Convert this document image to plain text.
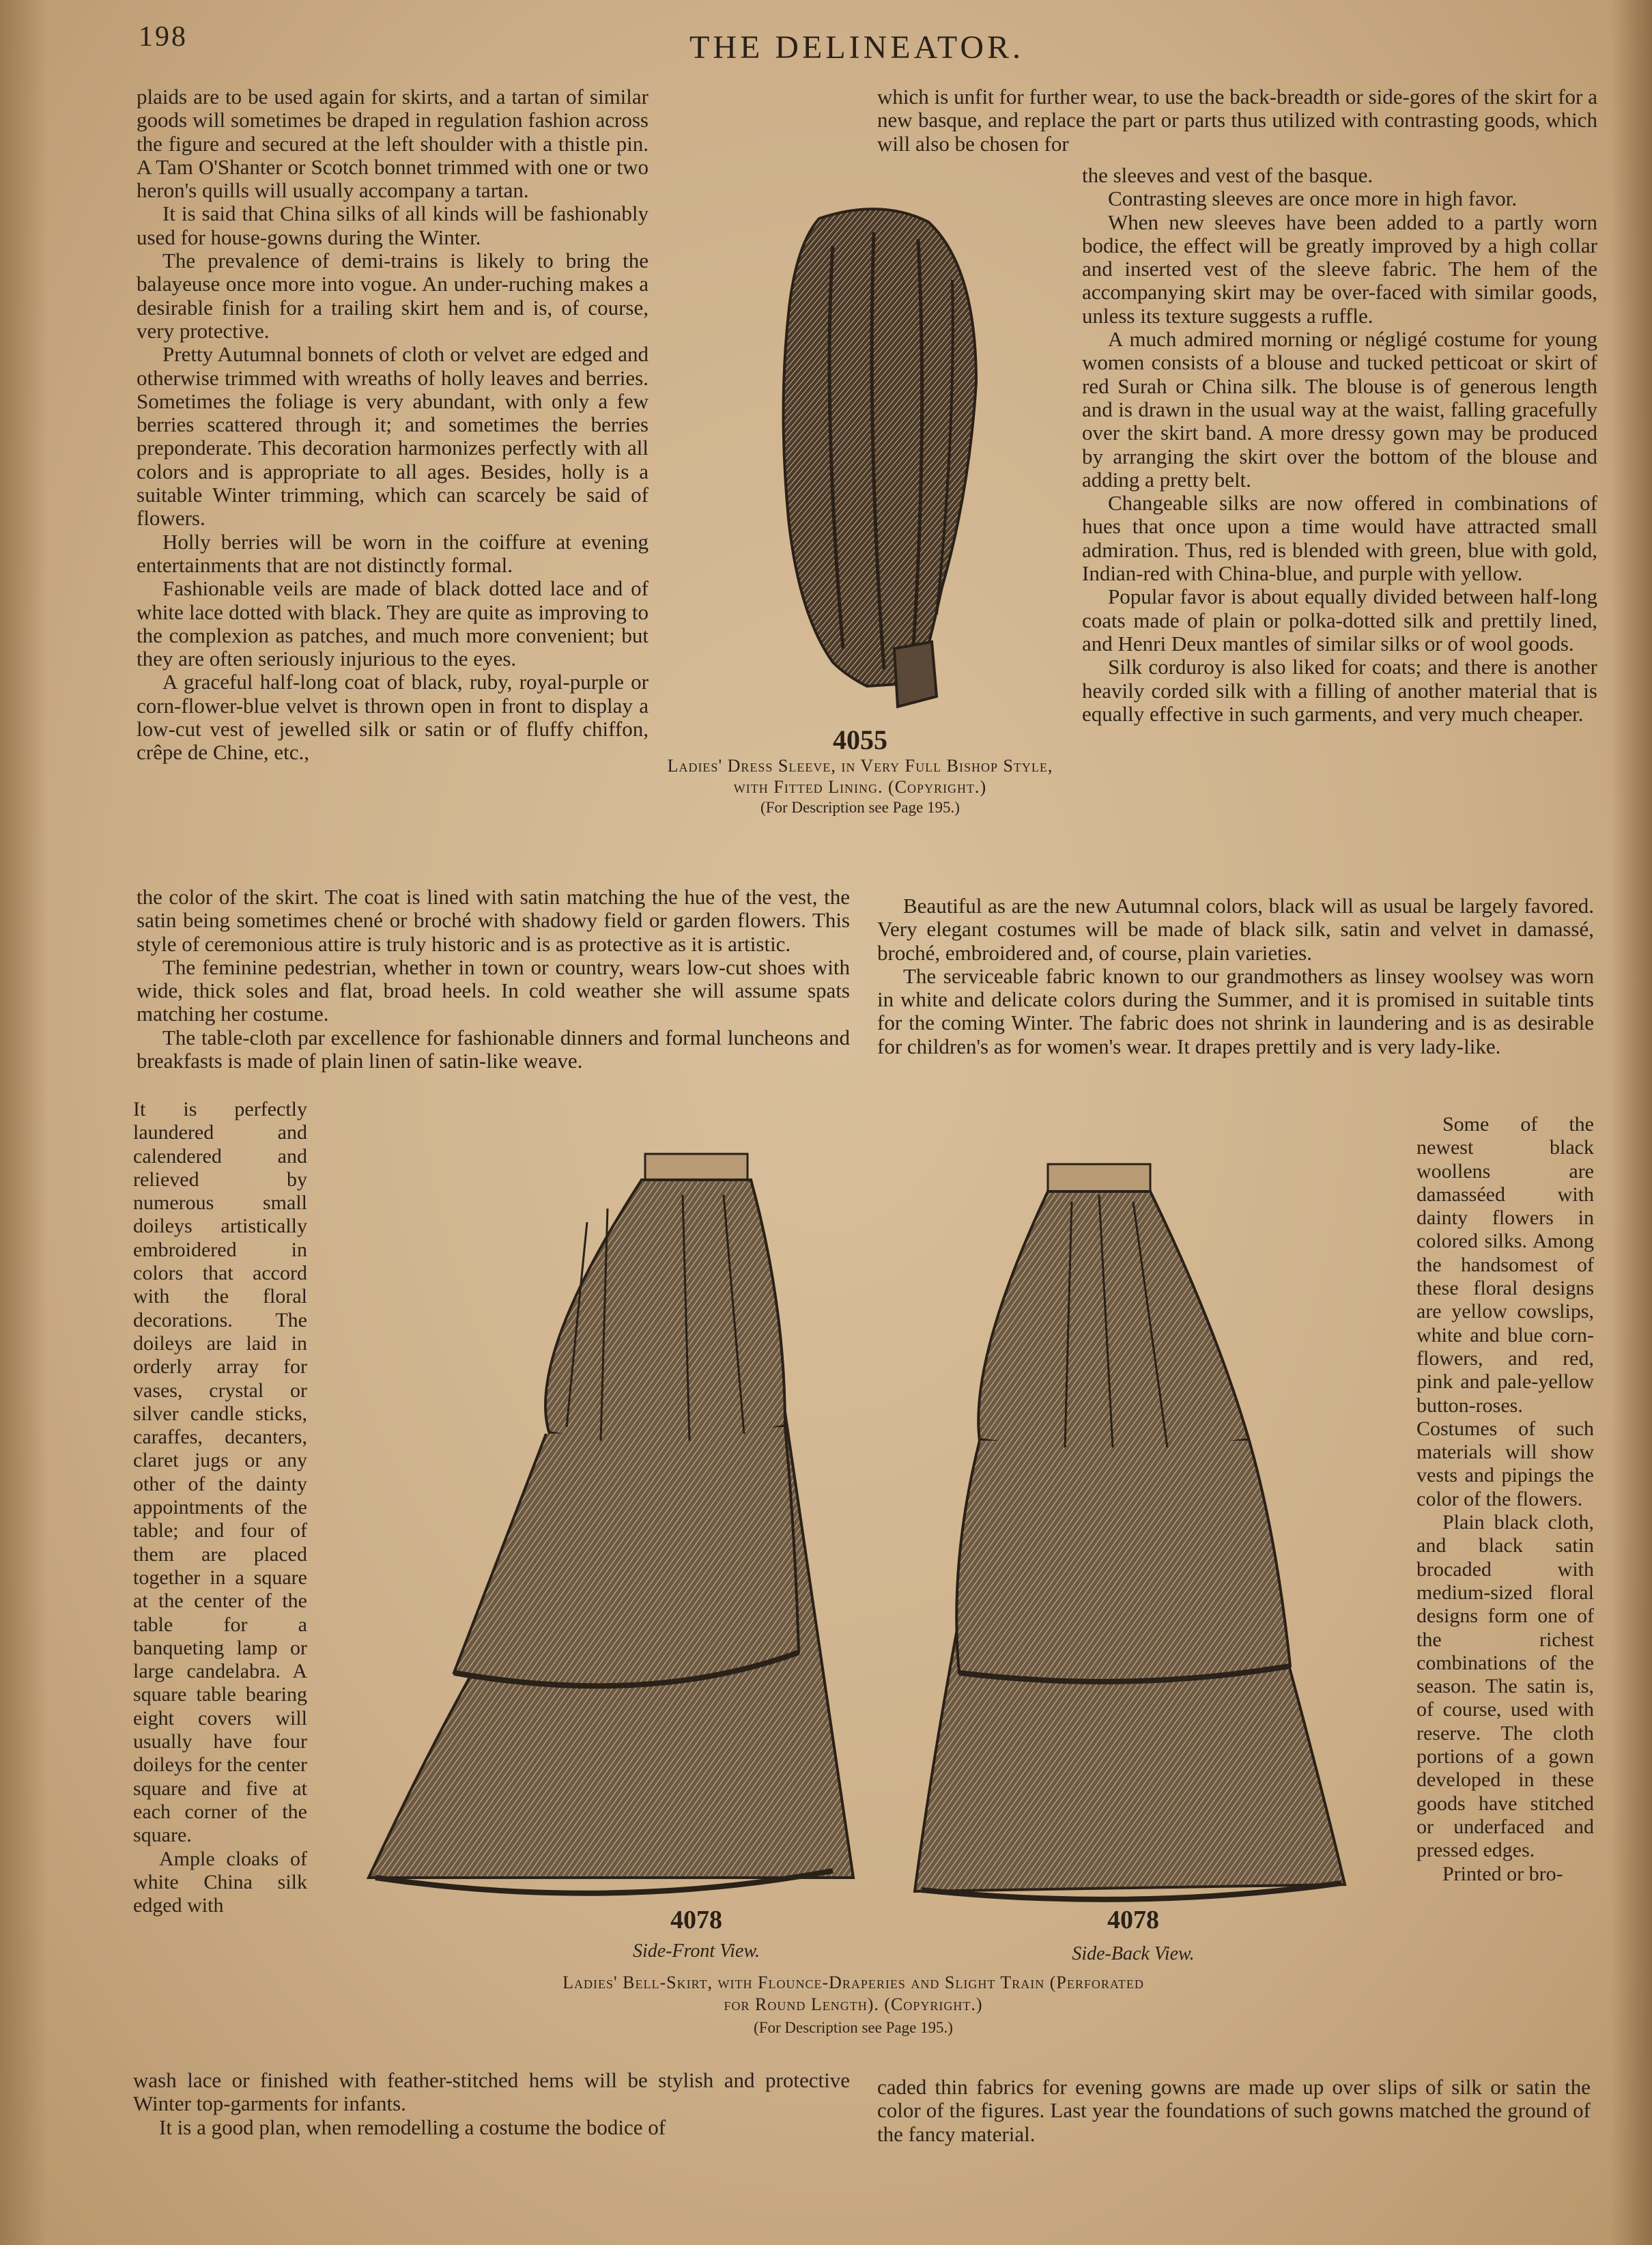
198	THE DELINEATOR.

plaids are to be used again for skirts, and a tartan of similar goods will sometimes be draped in regulation fashion across the figure and secured at the left shoulder with a thistle pin. A Tam O'Shanter or Scotch bonnet trimmed with one or two heron's quills will usually accompany a tartan.

It is said that China silks of all kinds will be fashionably used for house-gowns during the Winter.

The prevalence of demi-trains is likely to bring the balayeuse once more into vogue. An under-ruching makes a desirable finish for a trailing skirt hem and is, of course, very protective.

Pretty Autumnal bonnets of cloth or velvet are edged and otherwise trimmed with wreaths of holly leaves and berries. Sometimes the foliage is very abundant, with only a few berries scattered through it; and sometimes the berries preponderate. This decoration harmonizes perfectly with all colors and is appropriate to all ages. Besides, holly is a suitable Winter trimming, which can scarcely be said of flowers.

Holly berries will be worn in the coiffure at evening entertainments that are not distinctly formal.

Fashionable veils are made of black dotted lace and of white lace dotted with black. They are quite as improving to the complexion as patches, and much more convenient; but they are often seriously injurious to the eyes.

A graceful half-long coat of black, ruby, royal-purple or corn-flower-blue velvet is thrown open in front to display a low-cut vest of jewelled silk or satin or of fluffy chiffon, crêpe de Chine, etc.,

which is unfit for further wear, to use the back-breadth or side-gores of the skirt for a new basque, and replace the part or parts thus utilized with contrasting goods, which will also be chosen for

the sleeves and vest of the basque.

Contrasting sleeves are once more in high favor.

When new sleeves have been added to a partly worn bodice, the effect will be greatly improved by a high collar and inserted vest of the sleeve fabric. The hem of the accompanying skirt may be over-faced with similar goods, unless its texture suggests a ruffle.

A much admired morning or négligé costume for young women consists of a blouse and tucked petticoat or skirt of red Surah or China silk. The blouse is of generous length and is drawn in the usual way at the waist, falling gracefully over the skirt band. A more dressy gown may be produced by arranging the skirt over the bottom of the blouse and adding a pretty belt.

Changeable silks are now offered in combinations of hues that once upon a time would have attracted small admiration. Thus, red is blended with green, blue with gold, Indian-red with China-blue, and purple with yellow.

Popular favor is about equally divided between half-long coats made of plain or polka-dotted silk and prettily lined, and Henri Deux mantles of similar silks or of wool goods.

Silk corduroy is also liked for coats; and there is another heavily corded silk with a filling of another material that is equally effective in such garments, and very much cheaper.

4055
Ladies' Dress Sleeve, in Very Full Bishop Style, with Fitted Lining. (Copyright.)
(For Description see Page 195.)

the color of the skirt. The coat is lined with satin matching the hue of the vest, the satin being sometimes chené or broché with shadowy field or garden flowers. This style of ceremonious attire is truly historic and is as protective as it is artistic.

The feminine pedestrian, whether in town or country, wears low-cut shoes with wide, thick soles and flat, broad heels. In cold weather she will assume spats matching her costume.

The table-cloth par excellence for fashionable dinners and formal luncheons and breakfasts is made of plain linen of satin-like weave.

Beautiful as are the new Autumnal colors, black will as usual be largely favored. Very elegant costumes will be made of black silk, satin and velvet in damassé, broché, embroidered and, of course, plain varieties.

The serviceable fabric known to our grandmothers as linsey woolsey was worn in white and delicate colors during the Summer, and it is promised in suitable tints for the coming Winter. The fabric does not shrink in laundering and is as desirable for children's as for women's wear. It drapes prettily and is very lady-like.

It is perfectly laundered and calendered and relieved by numerous small doileys artistically embroidered in colors that accord with the floral decorations. The doileys are laid in orderly array for vases, crystal or silver candle sticks, caraffes, decanters, claret jugs or any other of the dainty appointments of the table; and four of them are placed together in a square at the center of the table for a banqueting lamp or large candelabra. A square table bearing eight covers will usually have four doileys for the center square and five at each corner of the square.

Ample cloaks of white China silk edged with

Some of the newest black woollens are damasséed with dainty flowers in colored silks. Among the handsomest of these floral designs are yellow cowslips, white and blue corn-flowers, and red, pink and pale-yellow button-roses. Costumes of such materials will show vests and pipings the color of the flowers.

Plain black cloth, and black satin brocaded with medium-sized floral designs form one of the richest combinations of the season. The satin is, of course, used with reserve. The cloth portions of a gown developed in these goods have stitched or underfaced and pressed edges.

Printed or bro-

4078
Side-Front View.
4078
Side-Back View.
Ladies' Bell-Skirt, with Flounce-Draperies and Slight Train (Perforated
for Round Length). (Copyright.)
(For Description see Page 195.)

wash lace or finished with feather-stitched hems will be stylish and protective Winter top-garments for infants.

It is a good plan, when remodelling a costume the bodice of

caded thin fabrics for evening gowns are made up over slips of silk or satin the color of the figures. Last year the foundations of such gowns matched the ground of the fancy material.
